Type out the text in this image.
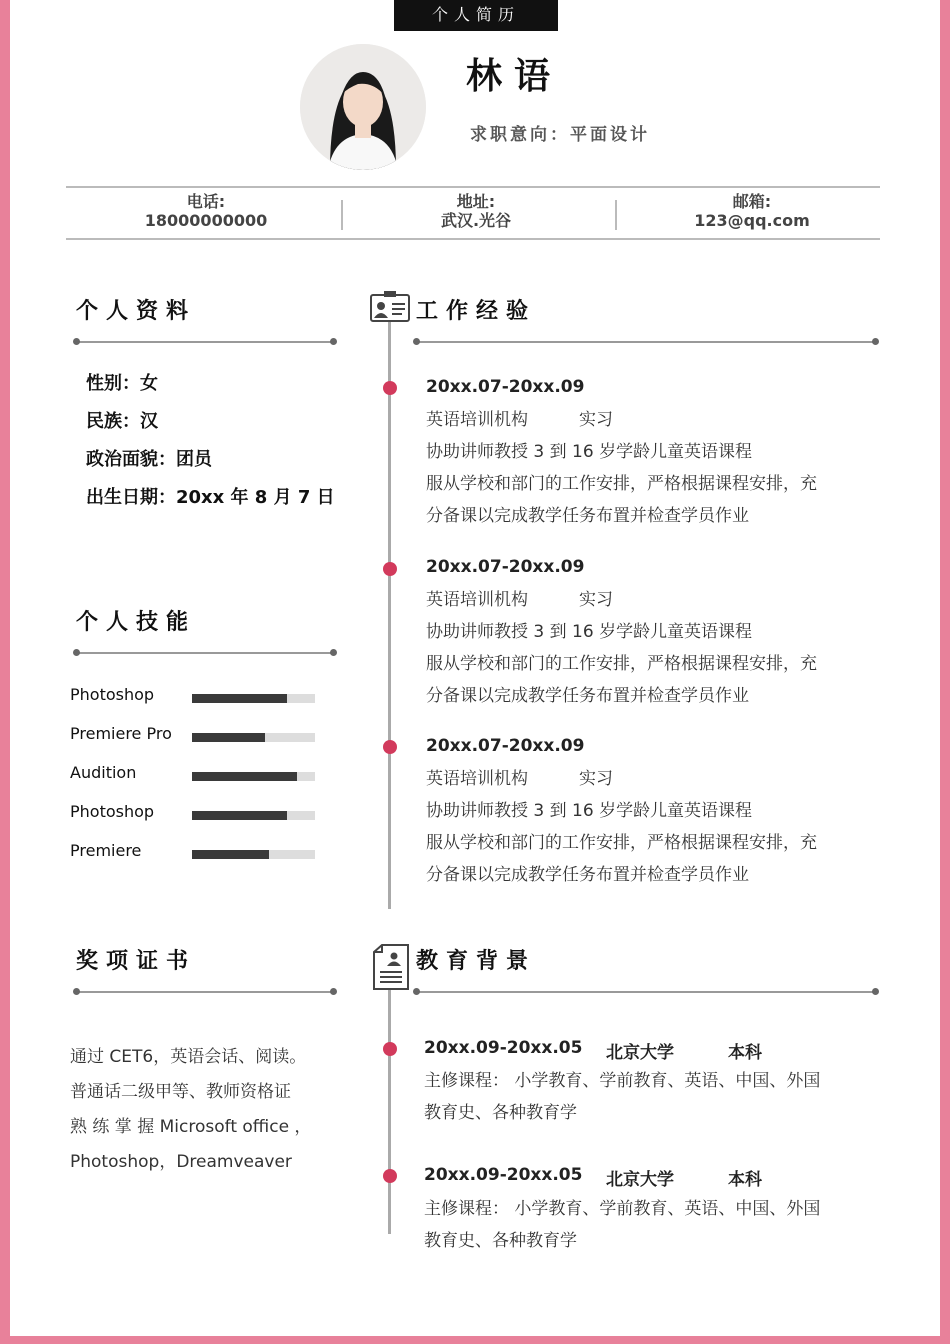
个人简历
林语
求职意向：平面设计
电话:
18000000000
地址:
武汉.光谷
邮箱:
123@qq.com
个人资料
性别：女
民族：汉
政治面貌：团员
出生日期：20xx 年 8 月 7 日
个人技能
Photoshop
Premiere Pro
Audition
Photoshop
Premiere
奖项证书
通过 CET6，英语会话、阅读。
普通话二级甲等、教师资格证
熟 练 掌 握 Microsoft office ，
Photoshop，Dreamveaver
工作经验
20xx.07-20xx.09
英语培训机构　　　实习
协助讲师教授 3 到 16 岁学龄儿童英语课程
服从学校和部门的工作安排，严格根据课程安排，充
分备课以完成教学任务布置并检查学员作业
20xx.07-20xx.09
英语培训机构　　　实习
协助讲师教授 3 到 16 岁学龄儿童英语课程
服从学校和部门的工作安排，严格根据课程安排，充
分备课以完成教学任务布置并检查学员作业
20xx.07-20xx.09
英语培训机构　　　实习
协助讲师教授 3 到 16 岁学龄儿童英语课程
服从学校和部门的工作安排，严格根据课程安排，充
分备课以完成教学任务布置并检查学员作业
教育背景
20xx.09-20xx.05 北京大学	本科
主修课程： 小学教育、学前教育、英语、中国、外国
教育史、各种教育学
20xx.09-20xx.05 北京大学	本科
主修课程： 小学教育、学前教育、英语、中国、外国
教育史、各种教育学
